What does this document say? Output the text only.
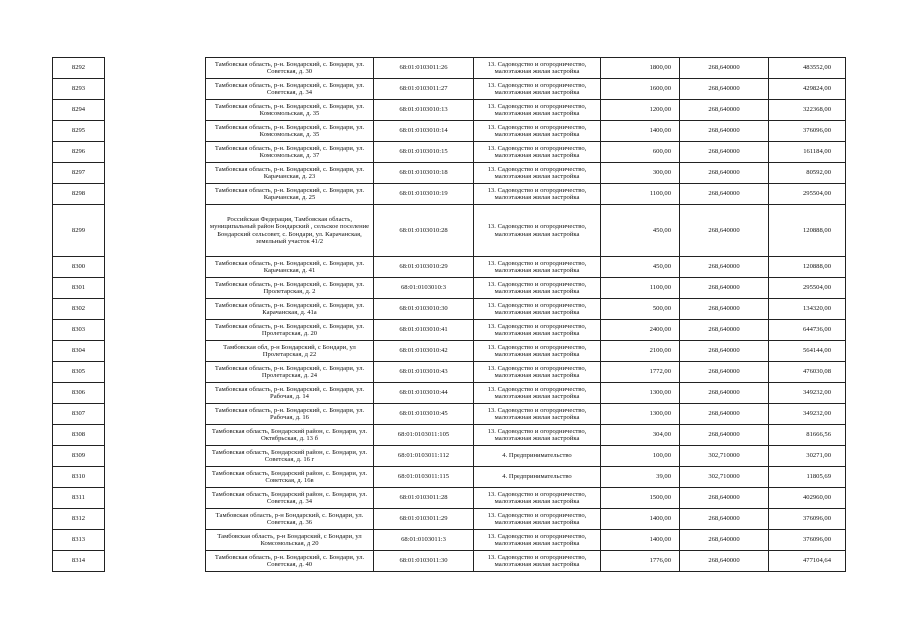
8292		Тамбовская область, р-н. Бондарский, с. Бондари, ул. Советская, д. 30	68:01:0103011:26	13. Садоводство и огородничество, малоэтажная жилая застройка	1800,00	268,640000	483552,00
8293		Тамбовская область, р-н. Бондарский, с. Бондари, ул. Советская, д. 34	68:01:0103011:27	13. Садоводство и огородничество, малоэтажная жилая застройка	1600,00	268,640000	429824,00
8294		Тамбовская область, р-н. Бондарский, с. Бондари, ул. Комсомольская, д. 35	68:01:0103010:13	13. Садоводство и огородничество, малоэтажная жилая застройка	1200,00	268,640000	322368,00
8295		Тамбовская область, р-н. Бондарский, с. Бондари, ул. Комсомольская, д. 35	68:01:0103010:14	13. Садоводство и огородничество, малоэтажная жилая застройка	1400,00	268,640000	376096,00
8296		Тамбовская область, р-н. Бондарский, с. Бондари, ул. Комсомольская, д. 37	68:01:0103010:15	13. Садоводство и огородничество, малоэтажная жилая застройка	600,00	268,640000	161184,00
8297		Тамбовская область, р-н. Бондарский, с. Бондари, ул. Карачанская, д. 23	68:01:0103010:18	13. Садоводство и огородничество, малоэтажная жилая застройка	300,00	268,640000	80592,00
8298		Тамбовская область, р-н. Бондарский, с. Бондари, ул. Карачанская, д. 25	68:01:0103010:19	13. Садоводство и огородничество, малоэтажная жилая застройка	1100,00	268,640000	295504,00
8299		Российская Федерация, Тамбовская область, муниципальный район Бондарский , сельское поселение Бондарский сельсовет, с. Бондари, ул. Карачанская, земельный участок 41/2	68:01:0103010:28	13. Садоводство и огородничество, малоэтажная жилая застройка	450,00	268,640000	120888,00
8300		Тамбовская область, р-н. Бондарский, с. Бондари, ул. Карачанская, д. 41	68:01:0103010:29	13. Садоводство и огородничество, малоэтажная жилая застройка	450,00	268,640000	120888,00
8301		Тамбовская область, р-н. Бондарский, с. Бондари, ул. Пролетарская, д. 2	68:01:0103010:3	13. Садоводство и огородничество, малоэтажная жилая застройка	1100,00	268,640000	295504,00
8302		Тамбовская область, р-н. Бондарский, с. Бондари, ул. Карачанская, д. 41а	68:01:0103010:30	13. Садоводство и огородничество, малоэтажная жилая застройка	500,00	268,640000	134320,00
8303		Тамбовская область, р-н. Бондарский, с. Бондари, ул. Пролетарская, д. 20	68:01:0103010:41	13. Садоводство и огородничество, малоэтажная жилая застройка	2400,00	268,640000	644736,00
8304		Тамбовская обл, р-н Бондарский, с Бондари, ул Пролетарская, д 22	68:01:0103010:42	13. Садоводство и огородничество, малоэтажная жилая застройка	2100,00	268,640000	564144,00
8305		Тамбовская область, р-н. Бондарский, с. Бондари, ул. Пролетарская, д. 24	68:01:0103010:43	13. Садоводство и огородничество, малоэтажная жилая застройка	1772,00	268,640000	476030,08
8306		Тамбовская область, р-н. Бондарский, с. Бондари, ул. Рабочая, д. 14	68:01:0103010:44	13. Садоводство и огородничество, малоэтажная жилая застройка	1300,00	268,640000	349232,00
8307		Тамбовская область, р-н. Бондарский, с. Бондари, ул. Рабочая, д. 16	68:01:0103010:45	13. Садоводство и огородничество, малоэтажная жилая застройка	1300,00	268,640000	349232,00
8308		Тамбовская область, Бондарский район, с. Бондари, ул. Октябрьская, д. 13 б	68:01:0103011:105	13. Садоводство и огородничество, малоэтажная жилая застройка	304,00	268,640000	81666,56
8309		Тамбовская область, Бондарский район, с. Бондари, ул. Советская, д. 16 г	68:01:0103011:112	4. Предпринимательство	100,00	302,710000	30271,00
8310		Тамбовская область, Бондарский район, с. Бондари, ул. Советская, д. 16в	68:01:0103011:115	4. Предпринимательство	39,00	302,710000	11805,69
8311		Тамбовская область, Бондарский район, с. Бондари, ул. Советская, д. 34	68:01:0103011:28	13. Садоводство и огородничество, малоэтажная жилая застройка	1500,00	268,640000	402960,00
8312		Тамбовская область, р-н Бондарский, с. Бондари, ул. Советская, д. 36	68:01:0103011:29	13. Садоводство и огородничество, малоэтажная жилая застройка	1400,00	268,640000	376096,00
8313		Тамбовская область, р-н Бондарский, с Бондари, ул Комсомольская, д 20	68:01:0103011:3	13. Садоводство и огородничество, малоэтажная жилая застройка	1400,00	268,640000	376096,00
8314		Тамбовская область, р-н. Бондарский, с. Бондари, ул. Советская, д. 40	68:01:0103011:30	13. Садоводство и огородничество, малоэтажная жилая застройка	1776,00	268,640000	477104,64
